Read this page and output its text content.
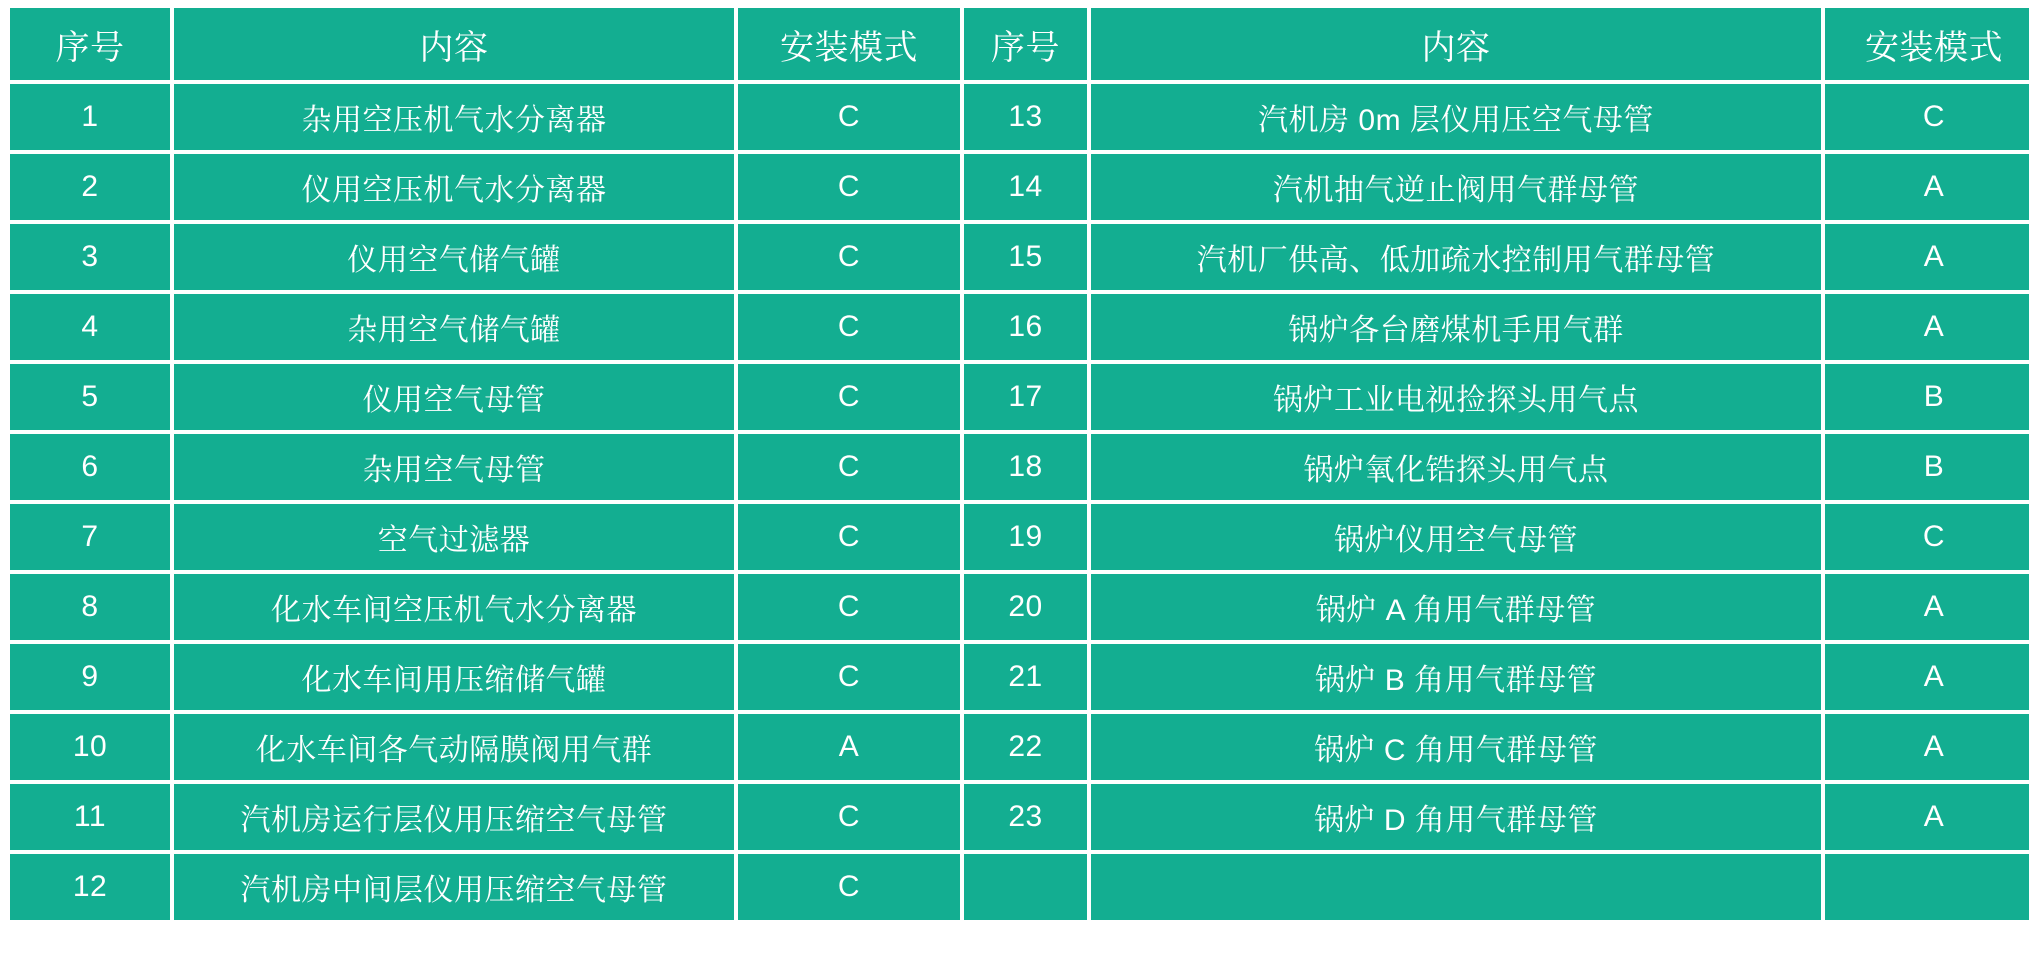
序号	内容	安装模式	序号	内容	安装模式
1	杂用空压机气水分离器	C	13	汽机房 0m 层仪用压空气母管	C
2	仪用空压机气水分离器	C	14	汽机抽气逆止阀用气群母管	A
3	仪用空气储气罐	C	15	汽机厂供高、低加疏水控制用气群母管	A
4	杂用空气储气罐	C	16	锅炉各台磨煤机手用气群	A
5	仪用空气母管	C	17	锅炉工业电视捡探头用气点	B
6	杂用空气母管	C	18	锅炉氧化锆探头用气点	B
7	空气过滤器	C	19	锅炉仪用空气母管	C
8	化水车间空压机气水分离器	C	20	锅炉 A 角用气群母管	A
9	化水车间用压缩储气罐	C	21	锅炉 B 角用气群母管	A
10	化水车间各气动隔膜阀用气群	A	22	锅炉 C 角用气群母管	A
11	汽机房运行层仪用压缩空气母管	C	23	锅炉 D 角用气群母管	A
12	汽机房中间层仪用压缩空气母管	C			
